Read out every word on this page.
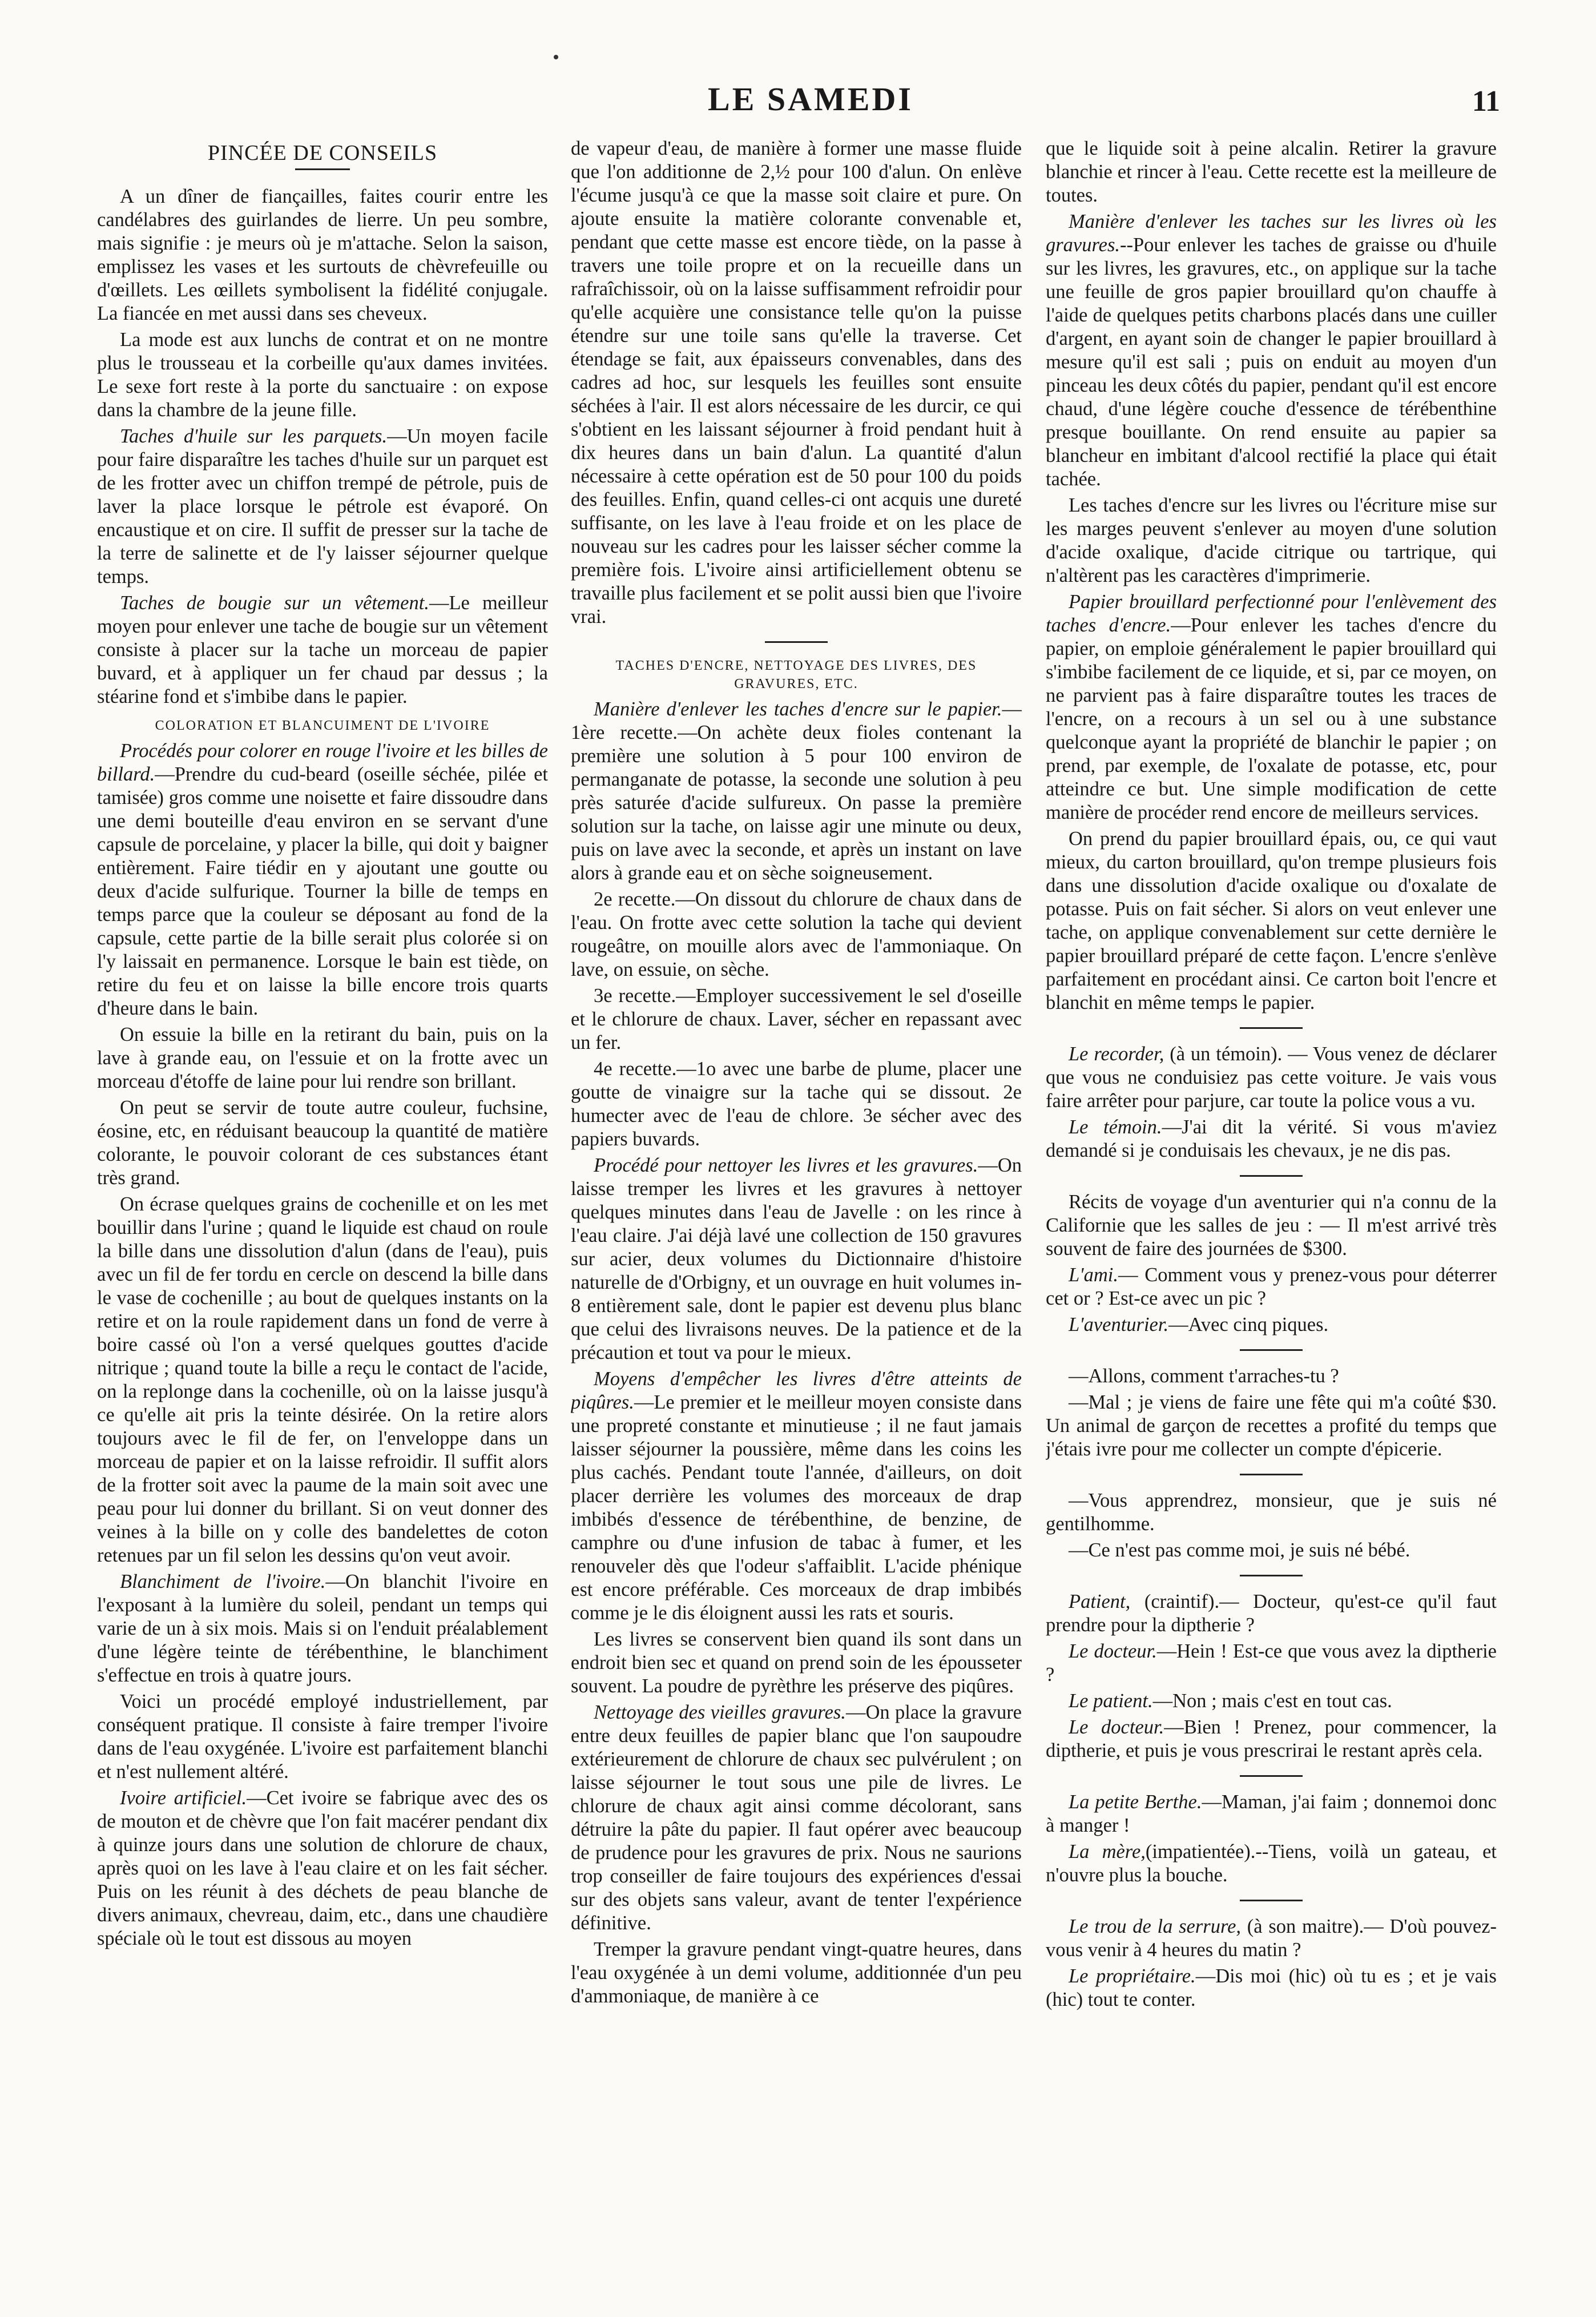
LE SAMEDI	11
PINCÉE DE CONSEILS

A un dîner de fiançailles, faites courir entre les candélabres des guirlandes de lierre. Un peu sombre, mais signifie : je meurs où je m'attache. Selon la saison, emplissez les vases et les surtouts de chèvrefeuille ou d'œillets. Les œillets symbolisent la fidélité conjugale. La fiancée en met aussi dans ses cheveux.

La mode est aux lunchs de contrat et on ne montre plus le trousseau et la corbeille qu'aux dames invitées. Le sexe fort reste à la porte du sanctuaire : on expose dans la chambre de la jeune fille.

Taches d'huile sur les parquets.—Un moyen facile pour faire disparaître les taches d'huile sur un parquet est de les frotter avec un chiffon trempé de pétrole, puis de laver la place lorsque le pétrole est évaporé. On encaustique et on cire. Il suffit de presser sur la tache de la terre de salinette et de l'y laisser séjourner quelque temps.

Taches de bougie sur un vêtement.—Le meilleur moyen pour enlever une tache de bougie sur un vêtement consiste à placer sur la tache un morceau de papier buvard, et à appliquer un fer chaud par dessus ; la stéarine fond et s'imbibe dans le papier.

COLORATION ET BLANCUIMENT DE L'IVOIRE

Procédés pour colorer en rouge l'ivoire et les billes de billard.—Prendre du cud-beard (oseille séchée, pilée et tamisée) gros comme une noisette et faire dissoudre dans une demi bouteille d'eau environ en se servant d'une capsule de porcelaine, y placer la bille, qui doit y baigner entièrement. Faire tiédir en y ajoutant une goutte ou deux d'acide sulfurique. Tourner la bille de temps en temps parce que la couleur se déposant au fond de la capsule, cette partie de la bille serait plus colorée si on l'y laissait en permanence. Lorsque le bain est tiède, on retire du feu et on laisse la bille encore trois quarts d'heure dans le bain.

On essuie la bille en la retirant du bain, puis on la lave à grande eau, on l'essuie et on la frotte avec un morceau d'étoffe de laine pour lui rendre son brillant.

On peut se servir de toute autre couleur, fuchsine, éosine, etc, en réduisant beaucoup la quantité de matière colorante, le pouvoir colorant de ces substances étant très grand.

On écrase quelques grains de cochenille et on les met bouillir dans l'urine ; quand le liquide est chaud on roule la bille dans une dissolution d'alun (dans de l'eau), puis avec un fil de fer tordu en cercle on descend la bille dans le vase de cochenille ; au bout de quelques instants on la retire et on la roule rapidement dans un fond de verre à boire cassé où l'on a versé quelques gouttes d'acide nitrique ; quand toute la bille a reçu le contact de l'acide, on la replonge dans la cochenille, où on la laisse jusqu'à ce qu'elle ait pris la teinte désirée. On la retire alors toujours avec le fil de fer, on l'enveloppe dans un morceau de papier et on la laisse refroidir. Il suffit alors de la frotter soit avec la paume de la main soit avec une peau pour lui donner du brillant. Si on veut donner des veines à la bille on y colle des bandelettes de coton retenues par un fil selon les dessins qu'on veut avoir.

Blanchiment de l'ivoire.—On blanchit l'ivoire en l'exposant à la lumière du soleil, pendant un temps qui varie de un à six mois. Mais si on l'enduit préalablement d'une légère teinte de térébenthine, le blanchiment s'effectue en trois à quatre jours.

Voici un procédé employé industriellement, par conséquent pratique. Il consiste à faire tremper l'ivoire dans de l'eau oxygénée. L'ivoire est parfaitement blanchi et n'est nullement altéré.

Ivoire artificiel.—Cet ivoire se fabrique avec des os de mouton et de chèvre que l'on fait macérer pendant dix à quinze jours dans une solution de chlorure de chaux, après quoi on les lave à l'eau claire et on les fait sécher. Puis on les réunit à des déchets de peau blanche de divers animaux, chevreau, daim, etc., dans une chaudière spéciale où le tout est dissous au moyen

de vapeur d'eau, de manière à former une masse fluide que l'on additionne de 2,½ pour 100 d'alun. On enlève l'écume jusqu'à ce que la masse soit claire et pure. On ajoute ensuite la matière colorante convenable et, pendant que cette masse est encore tiède, on la passe à travers une toile propre et on la recueille dans un rafraîchissoir, où on la laisse suffisamment refroidir pour qu'elle acquière une consistance telle qu'on la puisse étendre sur une toile sans qu'elle la traverse. Cet étendage se fait, aux épaisseurs convenables, dans des cadres ad hoc, sur lesquels les feuilles sont ensuite séchées à l'air. Il est alors nécessaire de les durcir, ce qui s'obtient en les laissant séjourner à froid pendant huit à dix heures dans un bain d'alun. La quantité d'alun nécessaire à cette opération est de 50 pour 100 du poids des feuilles. Enfin, quand celles-ci ont acquis une dureté suffisante, on les lave à l'eau froide et on les place de nouveau sur les cadres pour les laisser sécher comme la première fois. L'ivoire ainsi artificiellement obtenu se travaille plus facilement et se polit aussi bien que l'ivoire vrai.

TACHES D'ENCRE, NETTOYAGE DES LIVRES, DES GRAVURES, ETC.

Manière d'enlever les taches d'encre sur le papier.—1ère recette.—On achète deux fioles contenant la première une solution à 5 pour 100 environ de permanganate de potasse, la seconde une solution à peu près saturée d'acide sulfureux. On passe la première solution sur la tache, on laisse agir une minute ou deux, puis on lave avec la seconde, et après un instant on lave alors à grande eau et on sèche soigneusement.

2e recette.—On dissout du chlorure de chaux dans de l'eau. On frotte avec cette solution la tache qui devient rougeâtre, on mouille alors avec de l'ammoniaque. On lave, on essuie, on sèche.

3e recette.—Employer successivement le sel d'oseille et le chlorure de chaux. Laver, sécher en repassant avec un fer.

4e recette.—1o avec une barbe de plume, placer une goutte de vinaigre sur la tache qui se dissout. 2e humecter avec de l'eau de chlore. 3e sécher avec des papiers buvards.

Procédé pour nettoyer les livres et les gravures.—On laisse tremper les livres et les gravures à nettoyer quelques minutes dans l'eau de Javelle : on les rince à l'eau claire. J'ai déjà lavé une collection de 150 gravures sur acier, deux volumes du Dictionnaire d'histoire naturelle de d'Orbigny, et un ouvrage en huit volumes in-8 entièrement sale, dont le papier est devenu plus blanc que celui des livraisons neuves. De la patience et de la précaution et tout va pour le mieux.

Moyens d'empêcher les livres d'être atteints de piqûres.—Le premier et le meilleur moyen consiste dans une propreté constante et minutieuse ; il ne faut jamais laisser séjourner la poussière, même dans les coins les plus cachés. Pendant toute l'année, d'ailleurs, on doit placer derrière les volumes des morceaux de drap imbibés d'essence de térébenthine, de benzine, de camphre ou d'une infusion de tabac à fumer, et les renouveler dès que l'odeur s'affaiblit. L'acide phénique est encore préférable. Ces morceaux de drap imbibés comme je le dis éloignent aussi les rats et souris.

Les livres se conservent bien quand ils sont dans un endroit bien sec et quand on prend soin de les épousseter souvent. La poudre de pyrèthre les préserve des piqûres.

Nettoyage des vieilles gravures.—On place la gravure entre deux feuilles de papier blanc que l'on saupoudre extérieurement de chlorure de chaux sec pulvérulent ; on laisse séjourner le tout sous une pile de livres. Le chlorure de chaux agit ainsi comme décolorant, sans détruire la pâte du papier. Il faut opérer avec beaucoup de prudence pour les gravures de prix. Nous ne saurions trop conseiller de faire toujours des expériences d'essai sur des objets sans valeur, avant de tenter l'expérience définitive.

Tremper la gravure pendant vingt-quatre heures, dans l'eau oxygénée à un demi volume, additionnée d'un peu d'ammoniaque, de manière à ce

que le liquide soit à peine alcalin. Retirer la gravure blanchie et rincer à l'eau. Cette recette est la meilleure de toutes.

Manière d'enlever les taches sur les livres où les gravures.--Pour enlever les taches de graisse ou d'huile sur les livres, les gravures, etc., on applique sur la tache une feuille de gros papier brouillard qu'on chauffe à l'aide de quelques petits charbons placés dans une cuiller d'argent, en ayant soin de changer le papier brouillard à mesure qu'il est sali ; puis on enduit au moyen d'un pinceau les deux côtés du papier, pendant qu'il est encore chaud, d'une légère couche d'essence de térébenthine presque bouillante. On rend ensuite au papier sa blancheur en imbitant d'alcool rectifié la place qui était tachée.

Les taches d'encre sur les livres ou l'écriture mise sur les marges peuvent s'enlever au moyen d'une solution d'acide oxalique, d'acide citrique ou tartrique, qui n'altèrent pas les caractères d'imprimerie.

Papier brouillard perfectionné pour l'enlèvement des taches d'encre.—Pour enlever les taches d'encre du papier, on emploie généralement le papier brouillard qui s'imbibe facilement de ce liquide, et si, par ce moyen, on ne parvient pas à faire disparaître toutes les traces de l'encre, on a recours à un sel ou à une substance quelconque ayant la propriété de blanchir le papier ; on prend, par exemple, de l'oxalate de potasse, etc, pour atteindre ce but. Une simple modification de cette manière de procéder rend encore de meilleurs services.

On prend du papier brouillard épais, ou, ce qui vaut mieux, du carton brouillard, qu'on trempe plusieurs fois dans une dissolution d'acide oxalique ou d'oxalate de potasse. Puis on fait sécher. Si alors on veut enlever une tache, on applique convenablement sur cette dernière le papier brouillard préparé de cette façon. L'encre s'enlève parfaitement en procédant ainsi. Ce carton boit l'encre et blanchit en même temps le papier.

Le recorder, (à un témoin). — Vous venez de déclarer que vous ne conduisiez pas cette voiture. Je vais vous faire arrêter pour parjure, car toute la police vous a vu.

Le témoin.—J'ai dit la vérité. Si vous m'aviez demandé si je conduisais les chevaux, je ne dis pas.

Récits de voyage d'un aventurier qui n'a connu de la Californie que les salles de jeu : — Il m'est arrivé très souvent de faire des journées de $300.

L'ami.— Comment vous y prenez-vous pour déterrer cet or ? Est-ce avec un pic ?

L'aventurier.—Avec cinq piques.

—Allons, comment t'arraches-tu ?

—Mal ; je viens de faire une fête qui m'a coûté $30. Un animal de garçon de recettes a profité du temps que j'étais ivre pour me collecter un compte d'épicerie.

—Vous apprendrez, monsieur, que je suis né gentilhomme.

—Ce n'est pas comme moi, je suis né bébé.

Patient, (craintif).— Docteur, qu'est-ce qu'il faut prendre pour la diptherie ?

Le docteur.—Hein ! Est-ce que vous avez la diptherie ?

Le patient.—Non ; mais c'est en tout cas.

Le docteur.—Bien ! Prenez, pour commencer, la diptherie, et puis je vous prescrirai le restant après cela.

La petite Berthe.—Maman, j'ai faim ; donnemoi donc à manger !

La mère,(impatientée).--Tiens, voilà un gateau, et n'ouvre plus la bouche.

Le trou de la serrure, (à son maitre).— D'où pouvez-vous venir à 4 heures du matin ?

Le propriétaire.—Dis moi (hic) où tu es ; et je vais (hic) tout te conter.
